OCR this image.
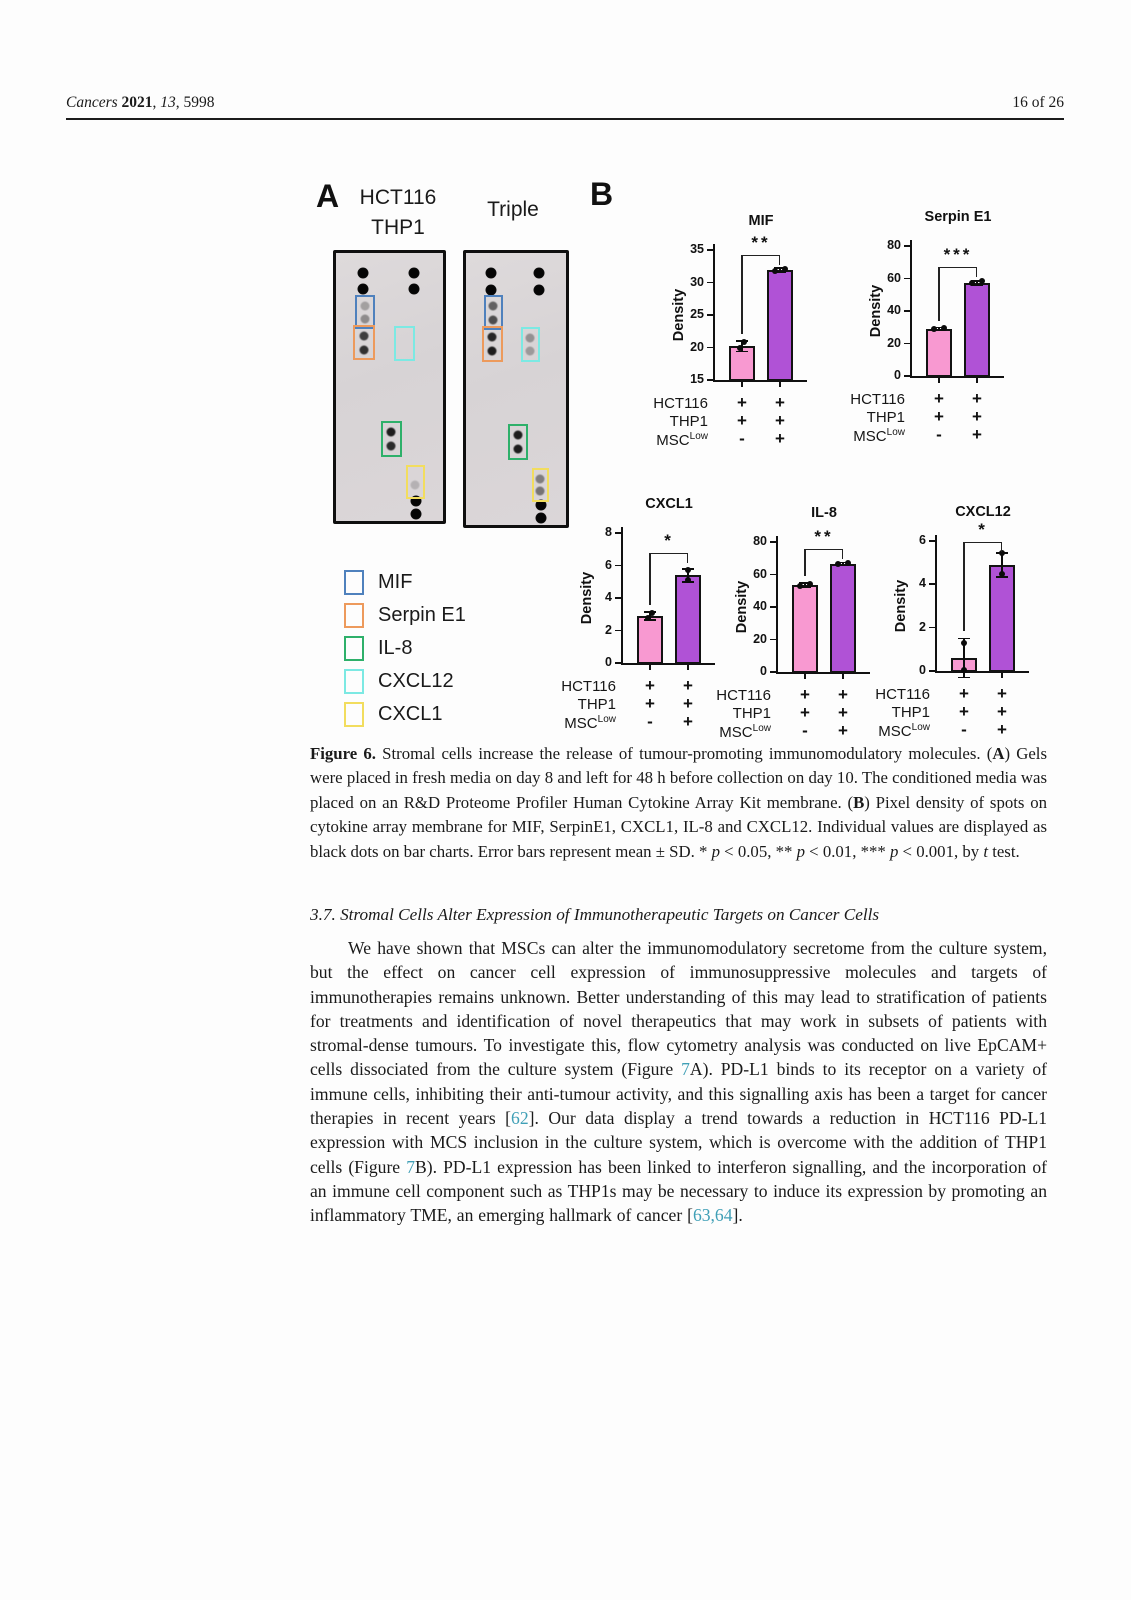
Cancers 2021, 13, 5998	16 of 26
A HCT116
THP1
Triple
MIF
Serpin E1
IL-8
CXCL12
CXCL1
B
MIF
Density
15
20
25
30
35	**
HCT116	+	+
THP1	+	+
$MSC^{Low}$	-	+
Serpin E1
Density
0
20
40
60
80
***
HCT116	+	+
THP1	+	+
$MSC^{Low}$	-	+
CXCL1
Density
0
2
4
6
8	*
HCT116	+	+
THP1	+	+
$MSC^{Low}$	-	+
IL-8
Density
0
20
40
60
80	**
HCT116	+	+
THP1	+	+
$MSC^{Low}$	-	+
CXCL12
Density
0
2
4
6
*
HCT116	+	+
THP1	+	+
$MSC^{Low}$	-	+
Figure 6. Stromal cells increase the release of tumour-promoting immunomodulatory molecules. (A) Gels were placed in fresh media on day 8 and left for 48 h before collection on day 10. The conditioned media was placed on an R&D Proteome Profiler Human Cytokine Array Kit membrane. (B) Pixel density of spots on cytokine array membrane for MIF, SerpinE1, CXCL1, IL-8 and CXCL12. Individual values are displayed as black dots on bar charts. Error bars represent mean ± SD. * p < 0.05, ** p < 0.01, *** p < 0.001, by t test.
3.7. Stromal Cells Alter Expression of Immunotherapeutic Targets on Cancer Cells
We have shown that MSCs can alter the immunomodulatory secretome from the culture system, but the effect on cancer cell expression of immunosuppressive molecules and targets of immunotherapies remains unknown. Better understanding of this may lead to stratification of patients for treatments and identification of novel therapeutics that may work in subsets of patients with stromal-dense tumours. To investigate this, flow cytometry analysis was conducted on live EpCAM+ cells dissociated from the culture system (Figure 7A). PD-L1 binds to its receptor on a variety of immune cells, inhibiting their anti-tumour activity, and this signalling axis has been a target for cancer therapies in recent years [62]. Our data display a trend towards a reduction in HCT116 PD-L1 expression with MCS inclusion in the culture system, which is overcome with the addition of THP1 cells (Figure 7B). PD-L1 expression has been linked to interferon signalling, and the incorporation of an immune cell component such as THP1s may be necessary to induce its expression by promoting an inflammatory TME, an emerging hallmark of cancer [63,64].
